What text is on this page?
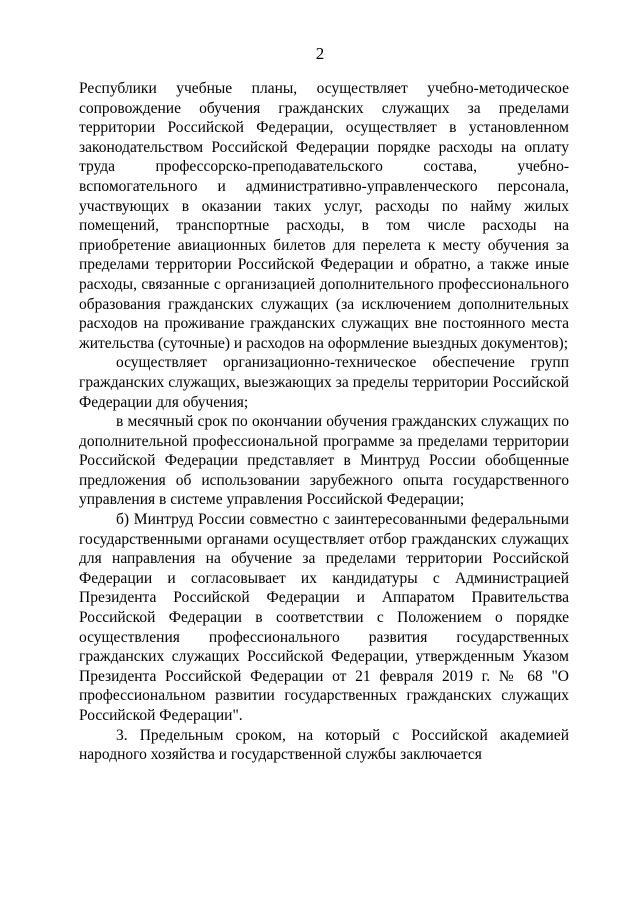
2

Республики учебные планы, осуществляет учебно-методическое сопровождение обучения гражданских служащих за пределами территории Российской Федерации, осуществляет в установленном законодательством Российской Федерации порядке расходы на оплату труда профессорско-преподавательского состава, учебно-вспомогательного и административно-управленческого персонала, участвующих в оказании таких услуг, расходы по найму жилых помещений, транспортные расходы, в том числе расходы на приобретение авиационных билетов для перелета к месту обучения за пределами территории Российской Федерации и обратно, а также иные расходы, связанные с организацией дополнительного профессионального образования гражданских служащих (за исключением дополнительных расходов на проживание гражданских служащих вне постоянного места жительства (суточные) и расходов на оформление выездных документов);

осуществляет организационно-техническое обеспечение групп гражданских служащих, выезжающих за пределы территории Российской Федерации для обучения;

в месячный срок по окончании обучения гражданских служащих по дополнительной профессиональной программе за пределами территории Российской Федерации представляет в Минтруд России обобщенные предложения об использовании зарубежного опыта государственного управления в системе управления Российской Федерации;

б) Минтруд России совместно с заинтересованными федеральными государственными органами осуществляет отбор гражданских служащих для направления на обучение за пределами территории Российской Федерации и согласовывает их кандидатуры с Администрацией Президента Российской Федерации и Аппаратом Правительства Российской Федерации в соответствии с Положением о порядке осуществления профессионального развития государственных гражданских служащих Российской Федерации, утвержденным Указом Президента Российской Федерации от 21 февраля 2019 г. № 68 "О профессиональном развитии государственных гражданских служащих Российской Федерации".

3. Предельным сроком, на который с Российской академией народного хозяйства и государственной службы заключается
